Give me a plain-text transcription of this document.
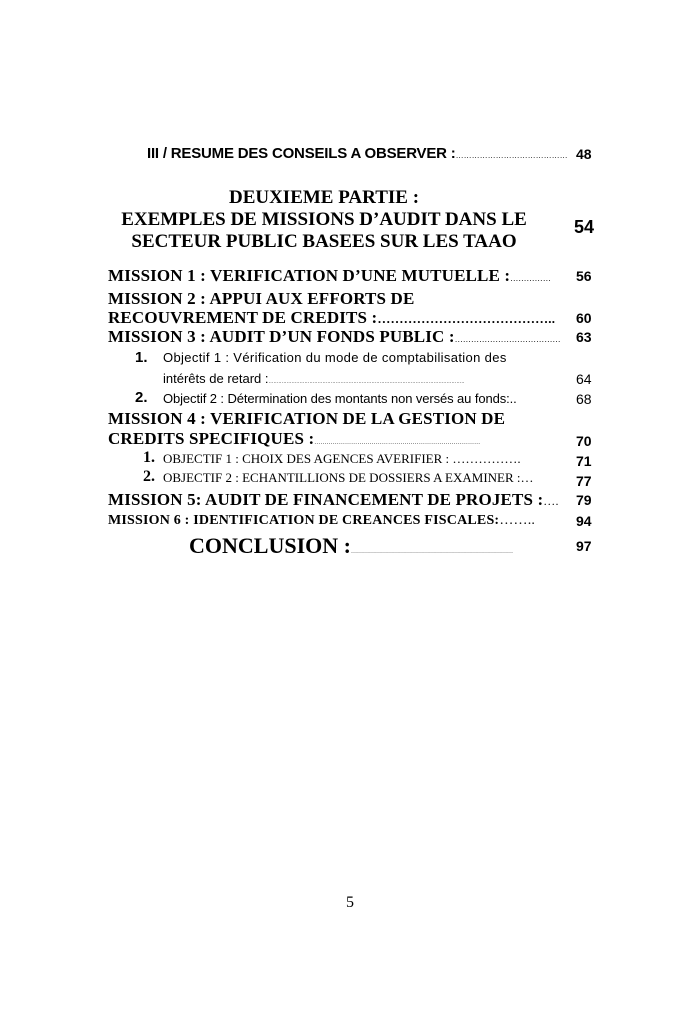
III / RESUME DES CONSEILS A OBSERVER :…………………………………… 48
DEUXIEME PARTIE :
EXEMPLES DE MISSIONS D’AUDIT DANS LE
SECTEUR PUBLIC BASEES SUR LES TAAO
54
MISSION 1 : VERIFICATION D’UNE MUTUELLE :…………… 56
MISSION 2 : APPUI AUX EFFORTS DE
RECOUVREMENT DE CREDITS :………………………………….. 60
MISSION 3 : AUDIT D’UN FONDS PUBLIC :………………………………… 63
1. Objectif 1 : Vérification du mode de comptabilisation des
intérêts de retard :…………………………………………………………………………………………………………	64
2. Objectif 2 : Détermination des montants non versés au fonds:..	68
MISSION 4 : VERIFICATION DE LA GESTION DE
CREDITS SPECIFIQUES :………………………………………………………………………	70
1. OBJECTIF 1 : CHOIX DES AGENCES AVERIFIER : …………….	71
2. OBJECTIF 2 : ECHANTILLIONS DE DOSSIERS A EXAMINER :…	77
MISSION 5: AUDIT DE FINANCEMENT DE PROJETS :…. 79
MISSION 6 : IDENTIFICATION DE CREANCES FISCALES:……..	94
CONCLUSION :………………………………………………………………………	97
5
